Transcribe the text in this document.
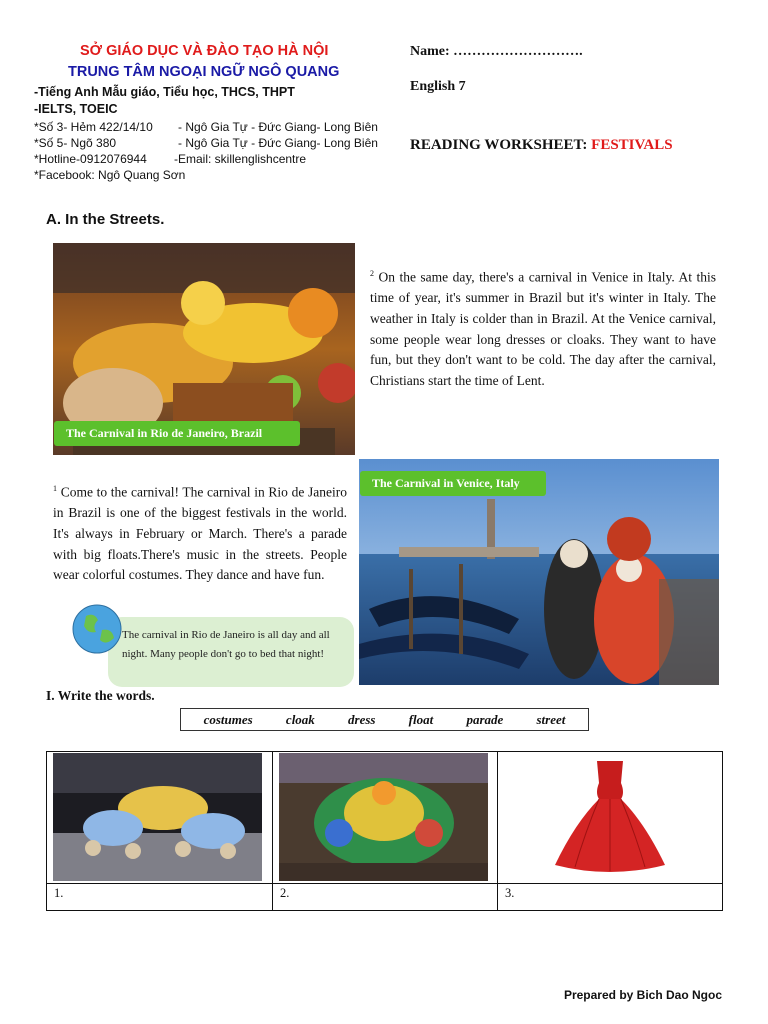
SỞ GIÁO DỤC VÀ ĐÀO TẠO HÀ NỘI
TRUNG TÂM NGOẠI NGỮ NGÔ QUANG
-Tiếng Anh Mẫu giáo, Tiểu học, THCS, THPT
-IELTS, TOEIC
*Số 3- Hẻm 422/14/10 - Ngô Gia Tự - Đức Giang- Long Biên
*Số 5- Ngõ 380	- Ngô Gia Tự - Đức Giang- Long Biên
*Hotline-0912076944 -Email: skillenglishcentre
*Facebook: Ngô Quang Sơn
Name: ……………………….
English 7
READING WORKSHEET: FESTIVALS
A. In the Streets.
The Carnival in Rio de Janeiro, Brazil
$^2$ On the same day, there's a carnival in Venice in Italy. At this time of year, it's summer in Brazil but it's winter in Italy. The weather in Italy is colder than in Brazil. At the Venice carnival, some people wear long dresses or cloaks. They want to have fun, but they don't want to be cold. The day after the carnival, Christians start the time of Lent.
$^1$ Come to the carnival! The carnival in Rio de Janeiro in Brazil is one of the biggest festivals in the world. It's always in February or March. There's a parade with big floats.There's music in the streets. People wear colorful costumes. They dance and have fun.
The Carnival in Venice, Italy
The carnival in Rio de Janeiro is all day and all night. Many people don't go to bed that night!
I. Write the words.
costumes	cloak	dress	float	parade	street
1.	2.	3.
Prepared by Bich Dao Ngoc
